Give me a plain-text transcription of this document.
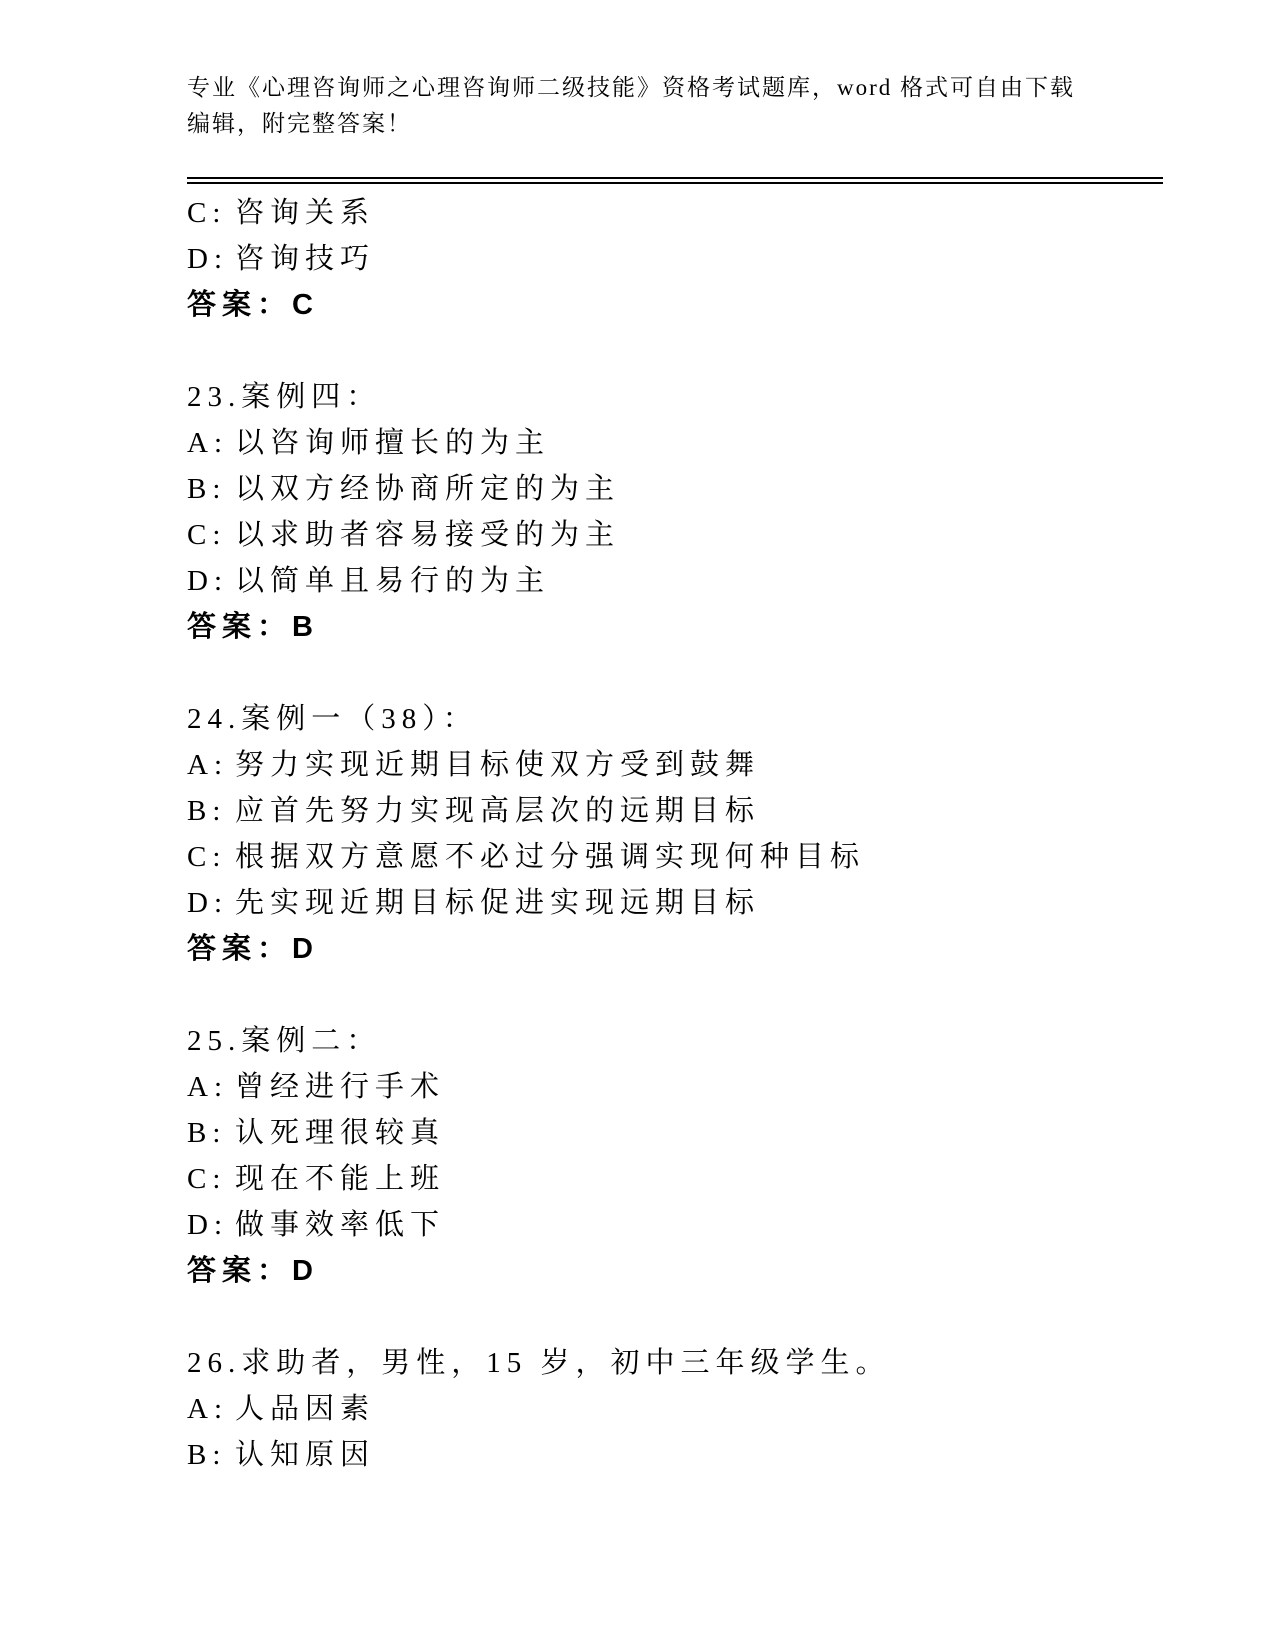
专业《心理咨询师之心理咨询师二级技能》资格考试题库，word 格式可自由下载
编辑，附完整答案！
C: 咨询关系
D: 咨询技巧
答案：C
23.案例四：
A: 以咨询师擅长的为主
B: 以双方经协商所定的为主
C: 以求助者容易接受的为主
D: 以简单且易行的为主
答案：B
24.案例一（38）：
A: 努力实现近期目标使双方受到鼓舞
B: 应首先努力实现高层次的远期目标
C: 根据双方意愿不必过分强调实现何种目标
D: 先实现近期目标促进实现远期目标
答案：D
25.案例二：
A: 曾经进行手术
B: 认死理很较真
C: 现在不能上班
D: 做事效率低下
答案：D
26.求助者，男性，15 岁，初中三年级学生。
A: 人品因素
B: 认知原因
